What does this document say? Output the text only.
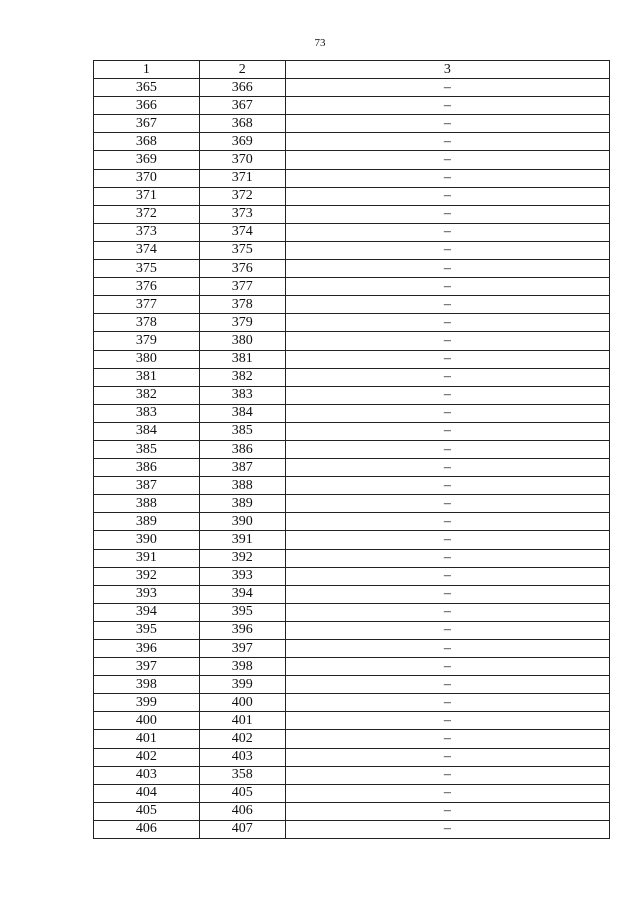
73
1	2	3
365	366	–
366	367	–
367	368	–
368	369	–
369	370	–
370	371	–
371	372	–
372	373	–
373	374	–
374	375	–
375	376	–
376	377	–
377	378	–
378	379	–
379	380	–
380	381	–
381	382	–
382	383	–
383	384	–
384	385	–
385	386	–
386	387	–
387	388	–
388	389	–
389	390	–
390	391	–
391	392	–
392	393	–
393	394	–
394	395	–
395	396	–
396	397	–
397	398	–
398	399	–
399	400	–
400	401	–
401	402	–
402	403	–
403	358	–
404	405	–
405	406	–
406	407	–
